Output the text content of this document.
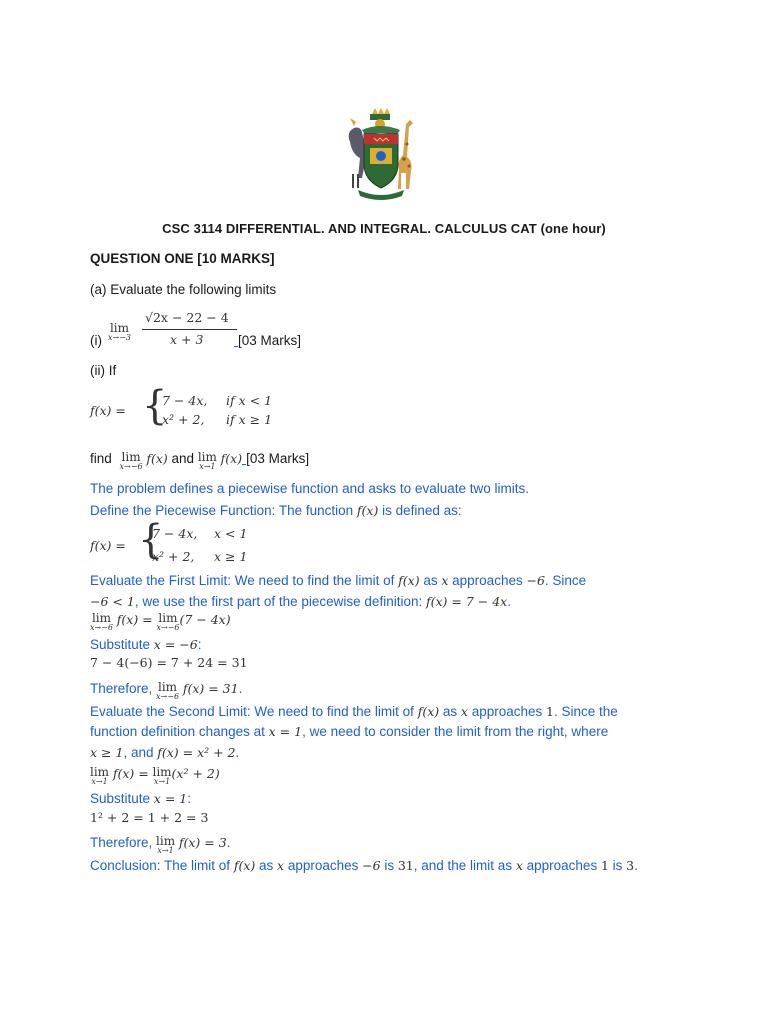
CSC 3114 DIFFERENTIAL. AND INTEGRAL. CALCULUS CAT (one hour)
QUESTION ONE [10 MARKS]
(a) Evaluate the following limits
(i)
lim
x→−3
√2x − 22 − 4
x + 3	[03 Marks]
(ii) If
f(x) = {
7 − 4x, if x < 1
x² + 2, if x ≥ 1
find lim
x→−6
f(x) and lim
x→1
f(x) [03 Marks]
The problem defines a piecewise function and asks to evaluate two limits.
Define the Piecewise Function: The function f(x) is defined as:
f(x) = {
7 − 4x, x < 1
x² + 2, x ≥ 1
Evaluate the First Limit: We need to find the limit of f(x) as x approaches −6. Since
−6 < 1, we use the first part of the piecewise definition: f(x) = 7 − 4x.
lim
x→−6
f(x) = lim
x→−6
(7 − 4x)
Substitute x = −6:
7 − 4(−6) = 7 + 24 = 31
Therefore, lim
x→−6
f(x) = 31.
Evaluate the Second Limit: We need to find the limit of f(x) as x approaches 1. Since the
function definition changes at x = 1, we need to consider the limit from the right, where
x ≥ 1, and f(x) = x² + 2.
lim
x→1
f(x) = lim
x→1
(x² + 2)
Substitute x = 1:
1² + 2 = 1 + 2 = 3
Therefore, lim
x→1
f(x) = 3.
Conclusion: The limit of f(x) as x approaches −6 is 31, and the limit as x approaches 1 is 3.
